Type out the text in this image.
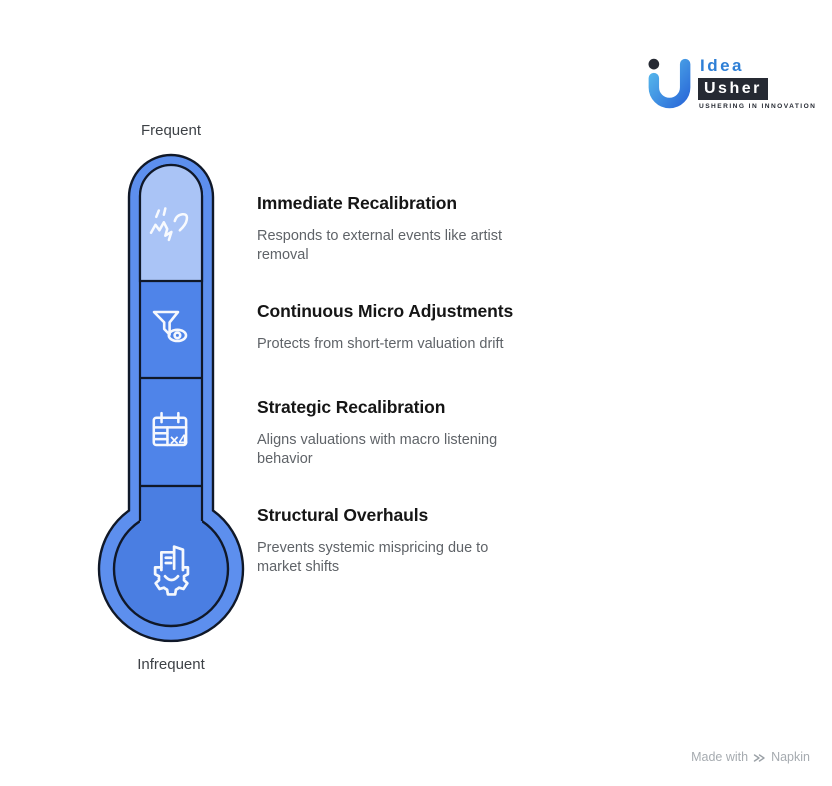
Frequent
Infrequent
×4
Immediate Recalibration

Responds to external events like artist removal

Continuous Micro Adjustments

Protects from short-term valuation drift

Strategic Recalibration

Aligns valuations with macro listening behavior

Structural Overhauls

Prevents systemic mispricing due to market shifts

Idea
Usher
USHERING IN INNOVATION
Made with Napkin
